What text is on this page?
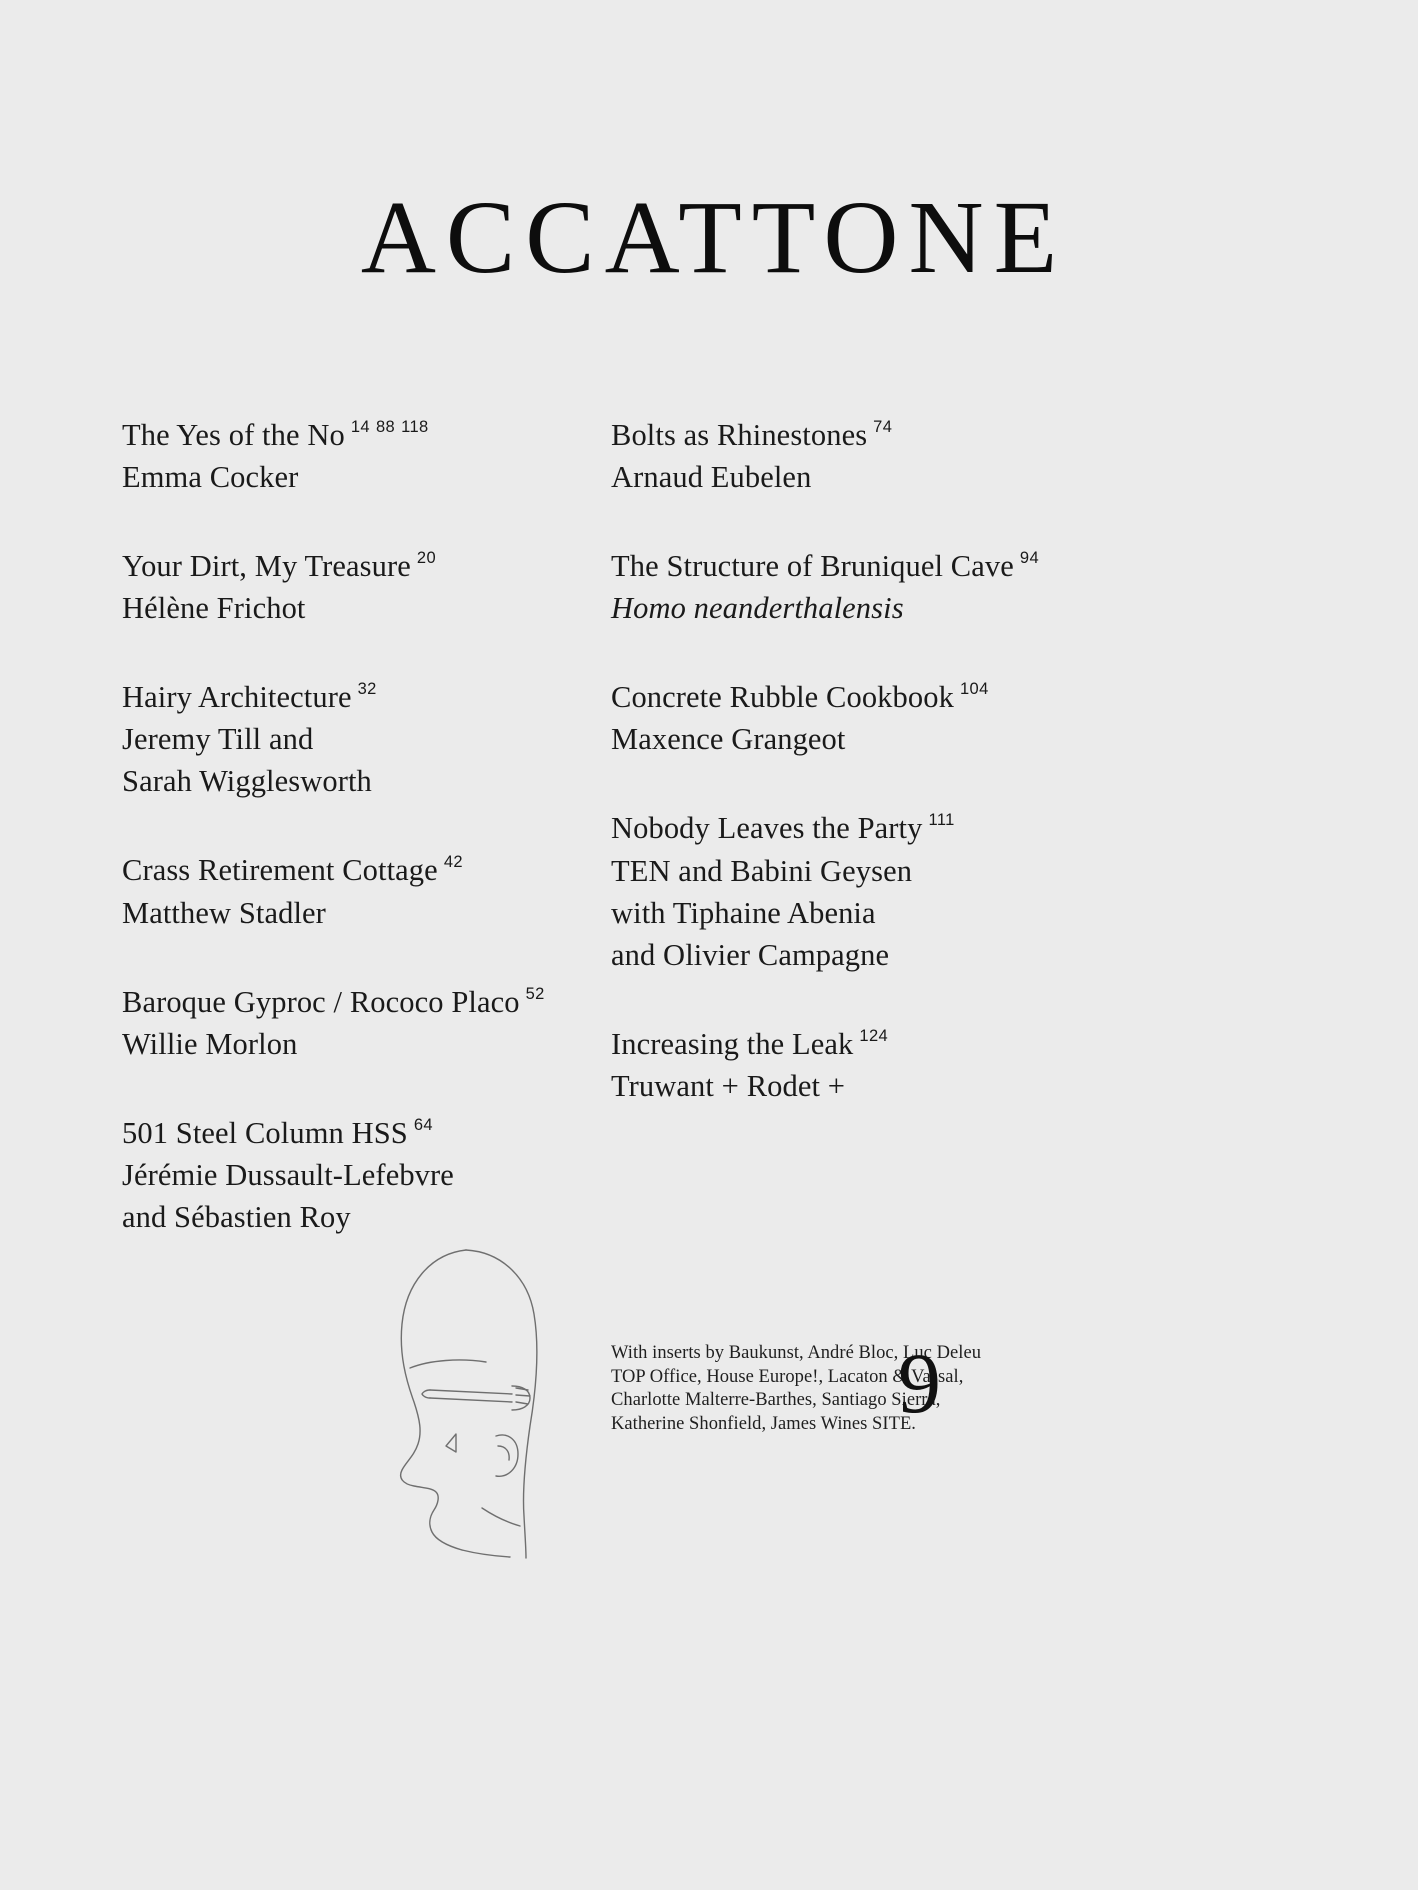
ACCATTONE
The Yes of the No $^{14 88 118}$
Emma Cocker
Your Dirt, My Treasure $^{20}$
Hélène Frichot
Hairy Architecture $^{32}$
Jeremy Till and
Sarah Wigglesworth
Crass Retirement Cottage $^{42}$
Matthew Stadler
Baroque Gyproc / Rococo Placo $^{52}$
Willie Morlon
501 Steel Column HSS $^{64}$
Jérémie Dussault-Lefebvre
and Sébastien Roy
Bolts as Rhinestones $^{74}$
Arnaud Eubelen
The Structure of Bruniquel Cave $^{94}$
Homo neanderthalensis
Concrete Rubble Cookbook $^{104}$
Maxence Grangeot
Nobody Leaves the Party $^{111}$
TEN and Babini Geysen
with Tiphaine Abenia
and Olivier Campagne
Increasing the Leak $^{124}$
Truwant + Rodet +
With inserts by Baukunst, André Bloc, Luc Deleu
TOP Office, House Europe!, Lacaton & Vassal,
Charlotte Malterre-Barthes, Santiago Sierra,
Katherine Shonfield, James Wines SITE.
9
